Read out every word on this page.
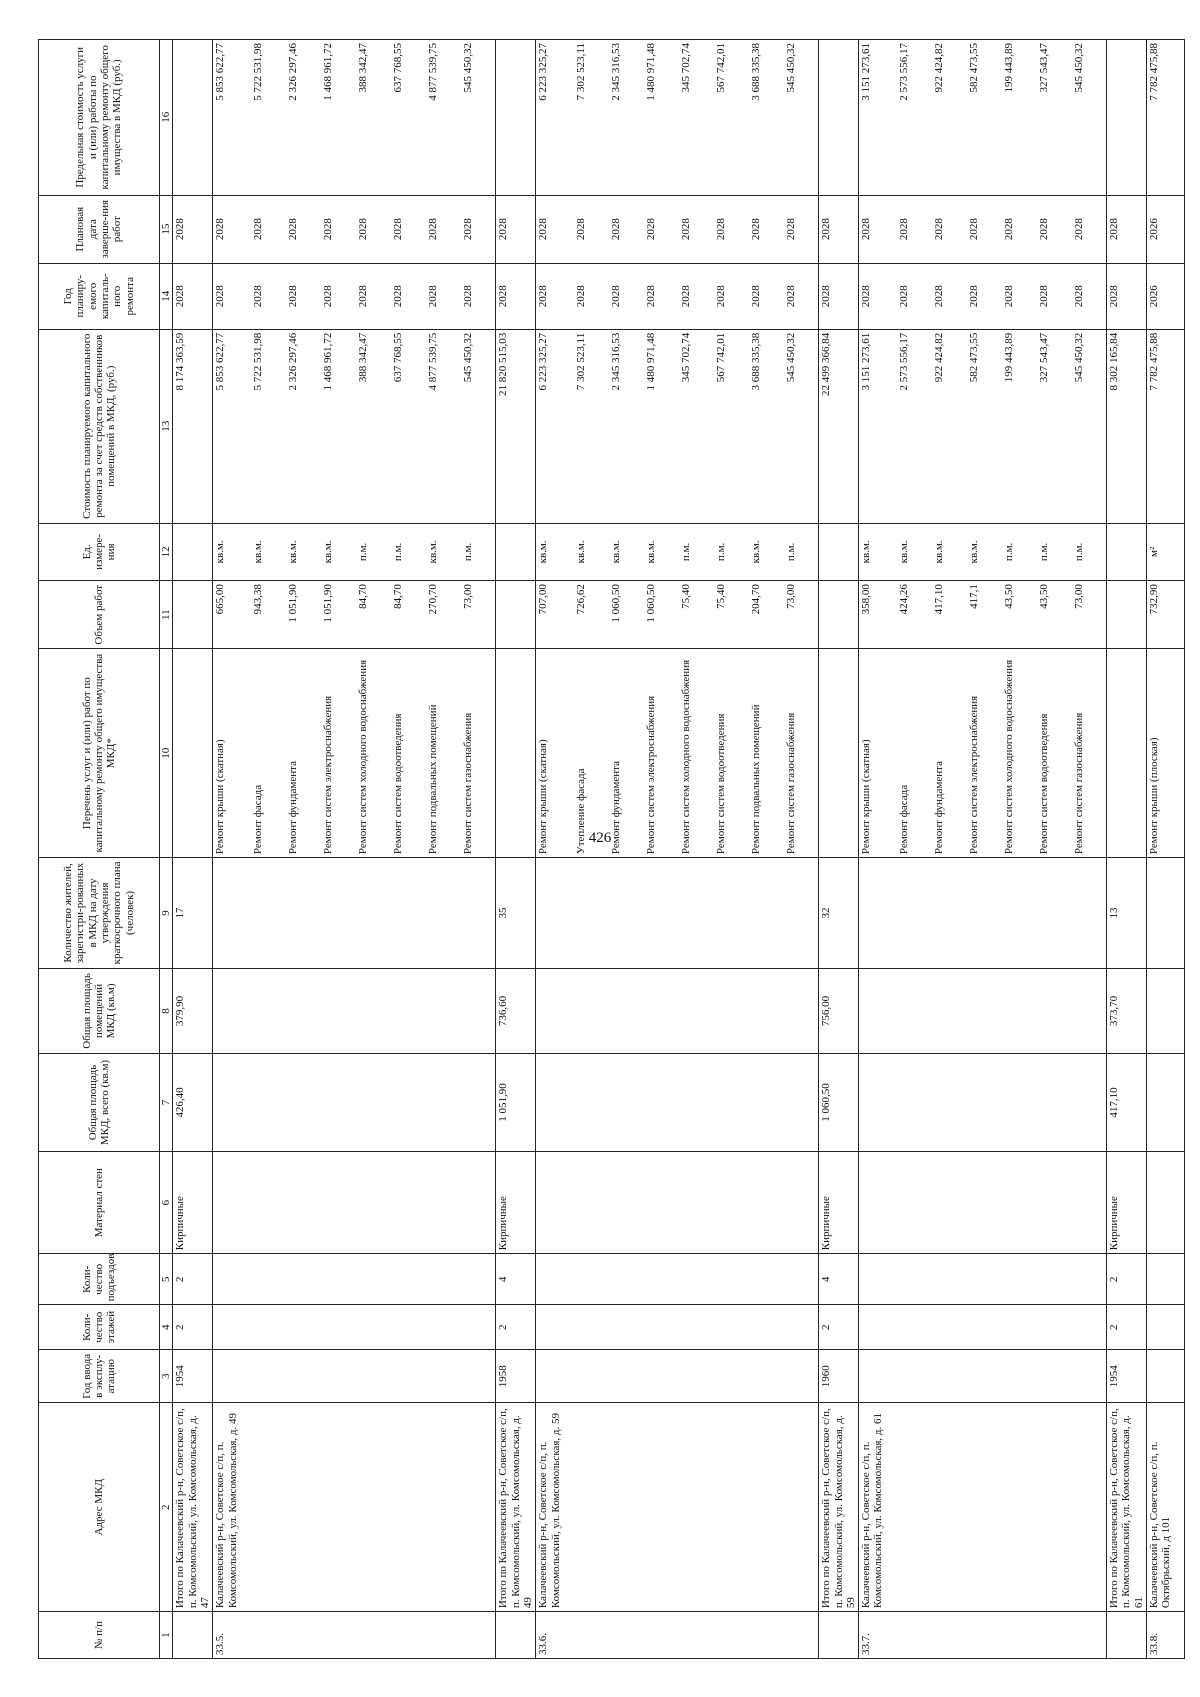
426
№ п/п	Адрес МКД	Год ввода в эксплу-атацию	Коли-чество этажей	Коли-чество подъездов	Материал стен	Общая площадь МКД, всего (кв.м)	Общая площадь помещений МКД (кв.м)	Количество жителей, зарегистри-рованных в МКД на дату утверждения краткосрочного плана (человек)	Перечень услуг и (или) работ по капитальному ремонту общего имущества МКД*	Объем работ	Ед. измере-ния	Стоимость планируемого капитального ремонта за счет средств собственников помещений в МКД, (руб.)	Год планиру-емого капиталь-ного ремонта	Плановая дата заверше-ния работ	Предельная стоимость услуги и (или) работы по капитальному ремонту общего имущества в МКД (руб.)
1	2	3	4	5	6	7	8	9	10	11	12	13	14	15	16
	Итого по Калачеевский р-н, Советское с/п, п. Комсомольский, ул. Комсомольская, д. 47	1954	2	2	Кирпичные	426,40	379,90	17				8 174 363,59	2028	2028	
33.5.	Калачеевский р-н, Советское с/п, п. Комсомольский, ул. Комсомольская, д. 49								Ремонт крыши (скатная)	665,00	кв.м.	5 853 622,77	2028	2028	5 853 622,77
									Ремонт фасада	943,38	кв.м.	5 722 531,98	2028	2028	5 722 531,98
									Ремонт фундамента	1 051,90	кв.м.	2 326 297,46	2028	2028	2 326 297,46
									Ремонт систем электроснабжения	1 051,90	кв.м.	1 468 961,72	2028	2028	1 468 961,72
									Ремонт систем холодного водоснабжения	84,70	п.м.	388 342,47	2028	2028	388 342,47
									Ремонт систем водоотведения	84,70	п.м.	637 768,55	2028	2028	637 768,55
									Ремонт подвальных помещений	270,70	кв.м.	4 877 539,75	2028	2028	4 877 539,75
									Ремонт систем газоснабжения	73,00	п.м.	545 450,32	2028	2028	545 450,32
	Итого по Калачеевский р-н, Советское с/п, п. Комсомольский, ул. Комсомольская, д. 49	1958	2	4	Кирпичные	1 051,90	736,60	35				21 820 515,03	2028	2028	
33.6.	Калачеевский р-н, Советское с/п, п. Комсомольский, ул. Комсомольская, д. 59								Ремонт крыши (скатная)	707,00	кв.м.	6 223 325,27	2028	2028	6 223 325,27
									Утепление фасада	726,62	кв.м.	7 302 523,11	2028	2028	7 302 523,11
									Ремонт фундамента	1 060,50	кв.м.	2 345 316,53	2028	2028	2 345 316,53
									Ремонт систем электроснабжения	1 060,50	кв.м.	1 480 971,48	2028	2028	1 480 971,48
									Ремонт систем холодного водоснабжения	75,40	п.м.	345 702,74	2028	2028	345 702,74
									Ремонт систем водоотведения	75,40	п.м.	567 742,01	2028	2028	567 742,01
									Ремонт подвальных помещений	204,70	кв.м.	3 688 335,38	2028	2028	3 688 335,38
									Ремонт систем газоснабжения	73,00	п.м.	545 450,32	2028	2028	545 450,32
	Итого по Калачеевский р-н, Советское с/п, п. Комсомольский, ул. Комсомольская, д. 59	1960	2	4	Кирпичные	1 060,50	756,00	32				22 499 366,84	2028	2028	
33.7.	Калачеевский р-н, Советское с/п, п. Комсомольский, ул. Комсомольская, д. 61								Ремонт крыши (скатная)	358,00	кв.м.	3 151 273,61	2028	2028	3 151 273,61
									Ремонт фасада	424,26	кв.м.	2 573 556,17	2028	2028	2 573 556,17
									Ремонт фундамента	417,10	кв.м.	922 424,82	2028	2028	922 424,82
									Ремонт систем электроснабжения	417,1	кв.м.	582 473,55	2028	2028	582 473,55
									Ремонт систем холодного водоснабжения	43,50	п.м.	199 443,89	2028	2028	199 443,89
									Ремонт систем водоотведения	43,50	п.м.	327 543,47	2028	2028	327 543,47
									Ремонт систем газоснабжения	73,00	п.м.	545 450,32	2028	2028	545 450,32
	Итого по Калачеевский р-н, Советское с/п, п. Комсомольский, ул. Комсомольская, д. 61	1954	2	2	Кирпичные	417,10	373,70	13				8 302 165,84	2028	2028	
33.8.	Калачеевский р-н, Советское с/п, п. Октябрьский, д 101								Ремонт крыши (плоская)	732,90	м²	7 782 475,88	2026	2026	7 782 475,88
